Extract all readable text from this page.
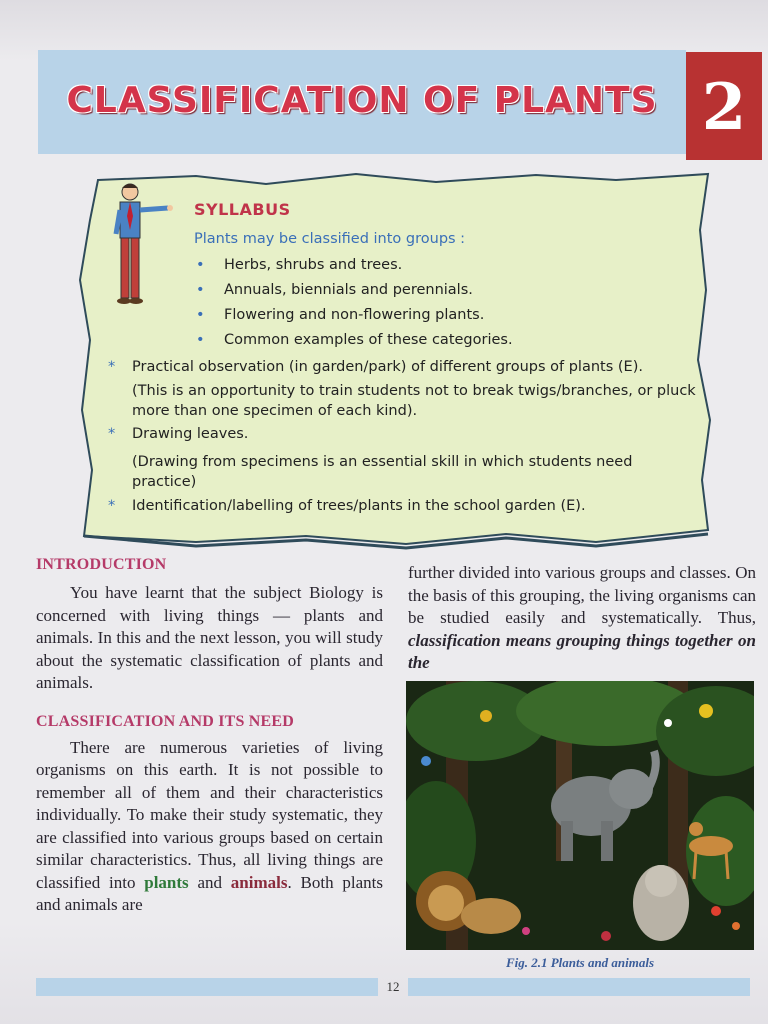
CLASSIFICATION OF PLANTS 2
SYLLABUS
Plants may be classified into groups :
• Herbs, shrubs and trees.
• Annuals, biennials and perennials.
• Flowering and non-flowering plants.
• Common examples of these categories.
* Practical observation (in garden/park) of different groups of plants (E).
(This is an opportunity to train students not to break twigs/branches, or pluck more than one specimen of each kind).
* Drawing leaves.
(Drawing from specimens is an essential skill in which students need practice)
* Identification/labelling of trees/plants in the school garden (E).
INTRODUCTION

You have learnt that the subject Biology is concerned with living things — plants and animals. In this and the next lesson, you will study about the systematic classification of plants and animals.

CLASSIFICATION AND ITS NEED

There are numerous varieties of living organisms on this earth. It is not possible to remember all of them and their characteristics individually. To make their study systematic, they are classified into various groups based on certain similar characteristics. Thus, all living things are classified into plants and animals. Both plants and animals are

further divided into various groups and classes. On the basis of this grouping, the living organisms can be studied easily and systematically. Thus, classification means grouping things together on the

Fig. 2.1 Plants and animals
12
